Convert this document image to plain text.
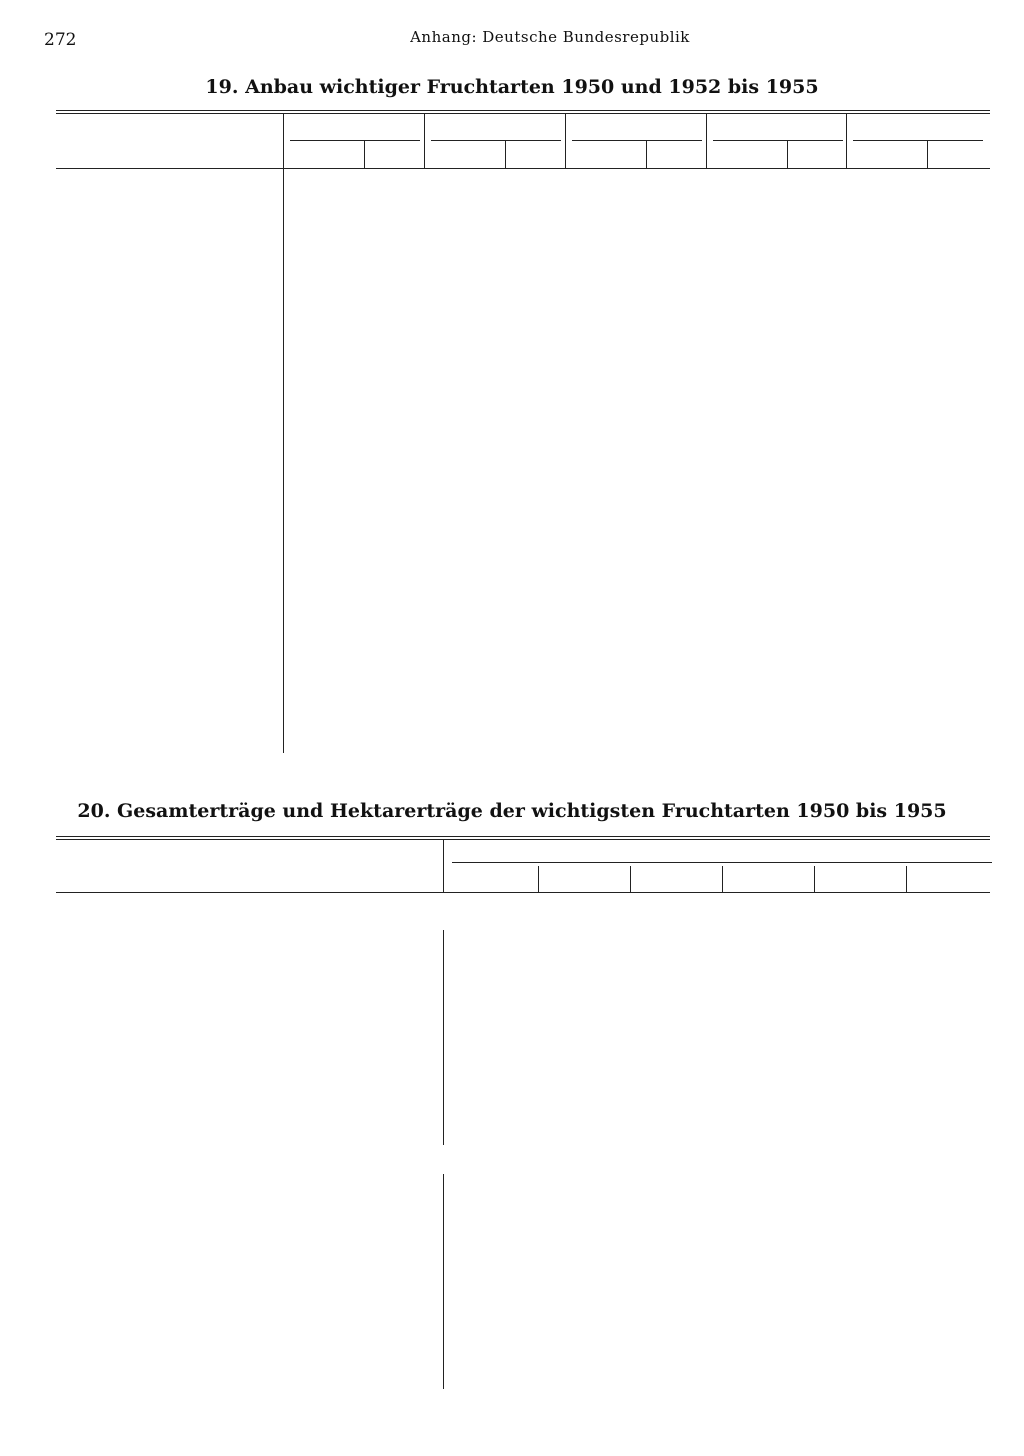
272	Anhang: Deutsche Bundesrepublik
19. Anbau wichtiger Fruchtarten 1950 und 1952 bis 1955
20. Gesamterträge und Hektarerträge der wichtigsten Fruchtarten 1950 bis 1955
